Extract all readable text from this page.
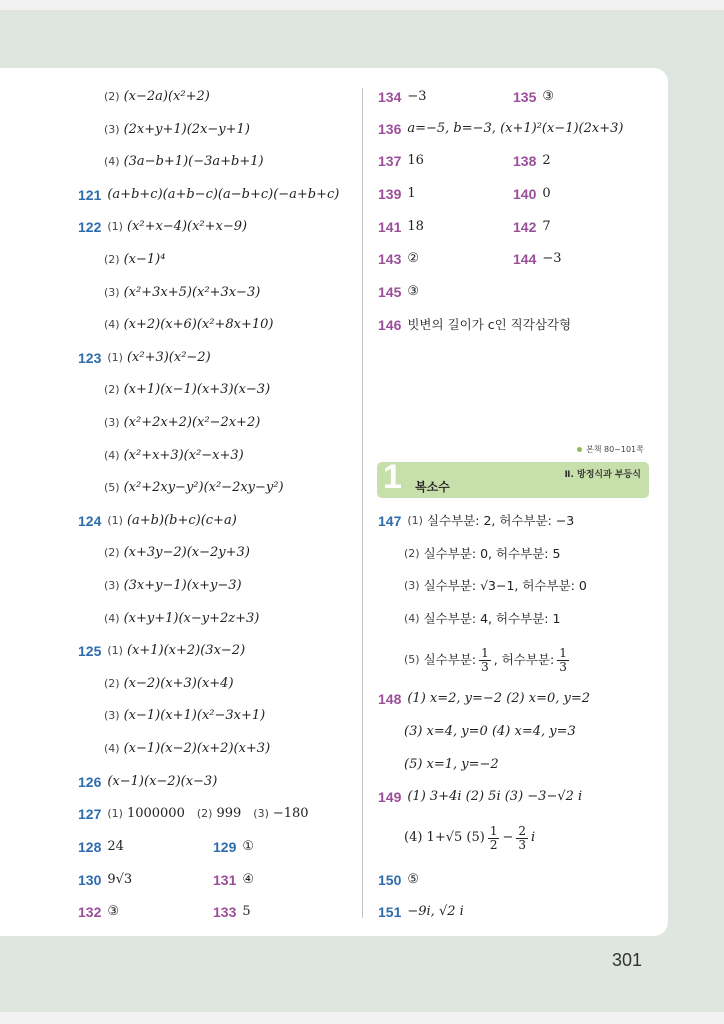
(2) (x−2a)(x²+2)
(3) (2x+y+1)(2x−y+1)
(4) (3a−b+1)(−3a+b+1)
121 (a+b+c)(a+b−c)(a−b+c)(−a+b+c)
122 (1) (x²+x−4)(x²+x−9)
(2) (x−1)⁴
(3) (x²+3x+5)(x²+3x−3)
(4) (x+2)(x+6)(x²+8x+10)
123 (1) (x²+3)(x²−2)
(2) (x+1)(x−1)(x+3)(x−3)
(3) (x²+2x+2)(x²−2x+2)
(4) (x²+x+3)(x²−x+3)
(5) (x²+2xy−y²)(x²−2xy−y²)
124 (1) (a+b)(b+c)(c+a)
(2) (x+3y−2)(x−2y+3)
(3) (3x+y−1)(x+y−3)
(4) (x+y+1)(x−y+2z+3)
125 (1) (x+1)(x+2)(3x−2)
(2) (x−2)(x+3)(x+4)
(3) (x−1)(x+1)(x²−3x+1)
(4) (x−1)(x−2)(x+2)(x+3)
126 (x−1)(x−2)(x−3)
127 (1) 1000000 (2) 999 (3) −180
128 24	129 ①
130 9√3	131 ④
132 ③	133 5
134 −3	135 ③
136 a=−5, b=−3, (x+1)²(x−1)(2x+3)
137 16	138 2
139 1	140 0
141 18	142 7
143 ②	144 −3
145 ③
146 빗변의 길이가 c인 직각삼각형
본책 80~101쪽
1 복소수
Ⅱ. 방정식과 부등식
147 (1) 실수부분: 2, 허수부분: −3
(2) 실수부분: 0, 허수부분: 5
(3) 실수부분: √3−1, 허수부분: 0
(4) 실수부분: 4, 허수부분: 1
(5) 실수부분: $\frac{1}{3}$ , 허수부분: $\frac{1}{3}$
148 (1) x=2, y=−2 (2) x=0, y=2
(3) x=4, y=0 (4) x=4, y=3
(5) x=1, y=−2
149 (1) 3+4i (2) 5i (3) −3−√2 i
(4) 1+√5 $(5) \frac{1}{2} - \frac{2}{3}$ i
150 ⑤
151 −9i, √2 i
301
